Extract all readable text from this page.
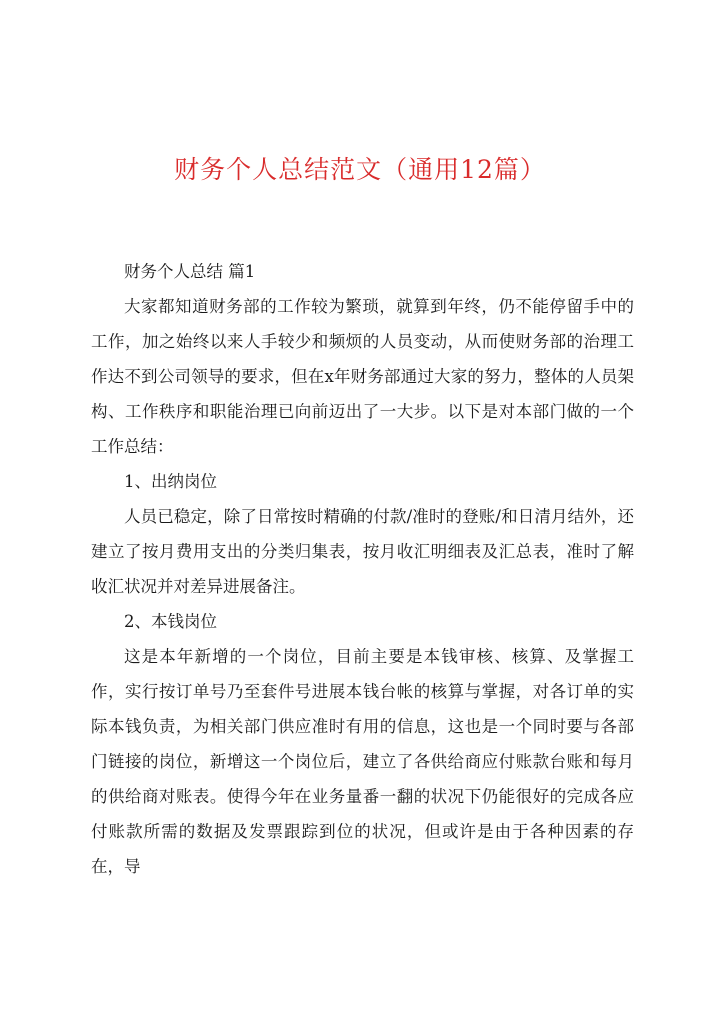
财务个人总结范文（通用12篇）

财务个人总结 篇1

大家都知道财务部的工作较为繁琐，就算到年终，仍不能停留手中的工作，加之始终以来人手较少和频烦的人员变动，从而使财务部的治理工作达不到公司领导的要求，但在x年财务部通过大家的努力，整体的人员架构、工作秩序和职能治理已向前迈出了一大步。以下是对本部门做的一个工作总结：

1、出纳岗位

人员已稳定，除了日常按时精确的付款/准时的登账/和日清月结外，还建立了按月费用支出的分类归集表，按月收汇明细表及汇总表，准时了解收汇状况并对差异进展备注。

2、本钱岗位

这是本年新增的一个岗位，目前主要是本钱审核、核算、及掌握工作，实行按订单号乃至套件号进展本钱台帐的核算与掌握，对各订单的实际本钱负责，为相关部门供应准时有用的信息，这也是一个同时要与各部门链接的岗位，新增这一个岗位后，建立了各供给商应付账款台账和每月的供给商对账表。使得今年在业务量番一翻的状况下仍能很好的完成各应付账款所需的数据及发票跟踪到位的状况，但或许是由于各种因素的存在，导
